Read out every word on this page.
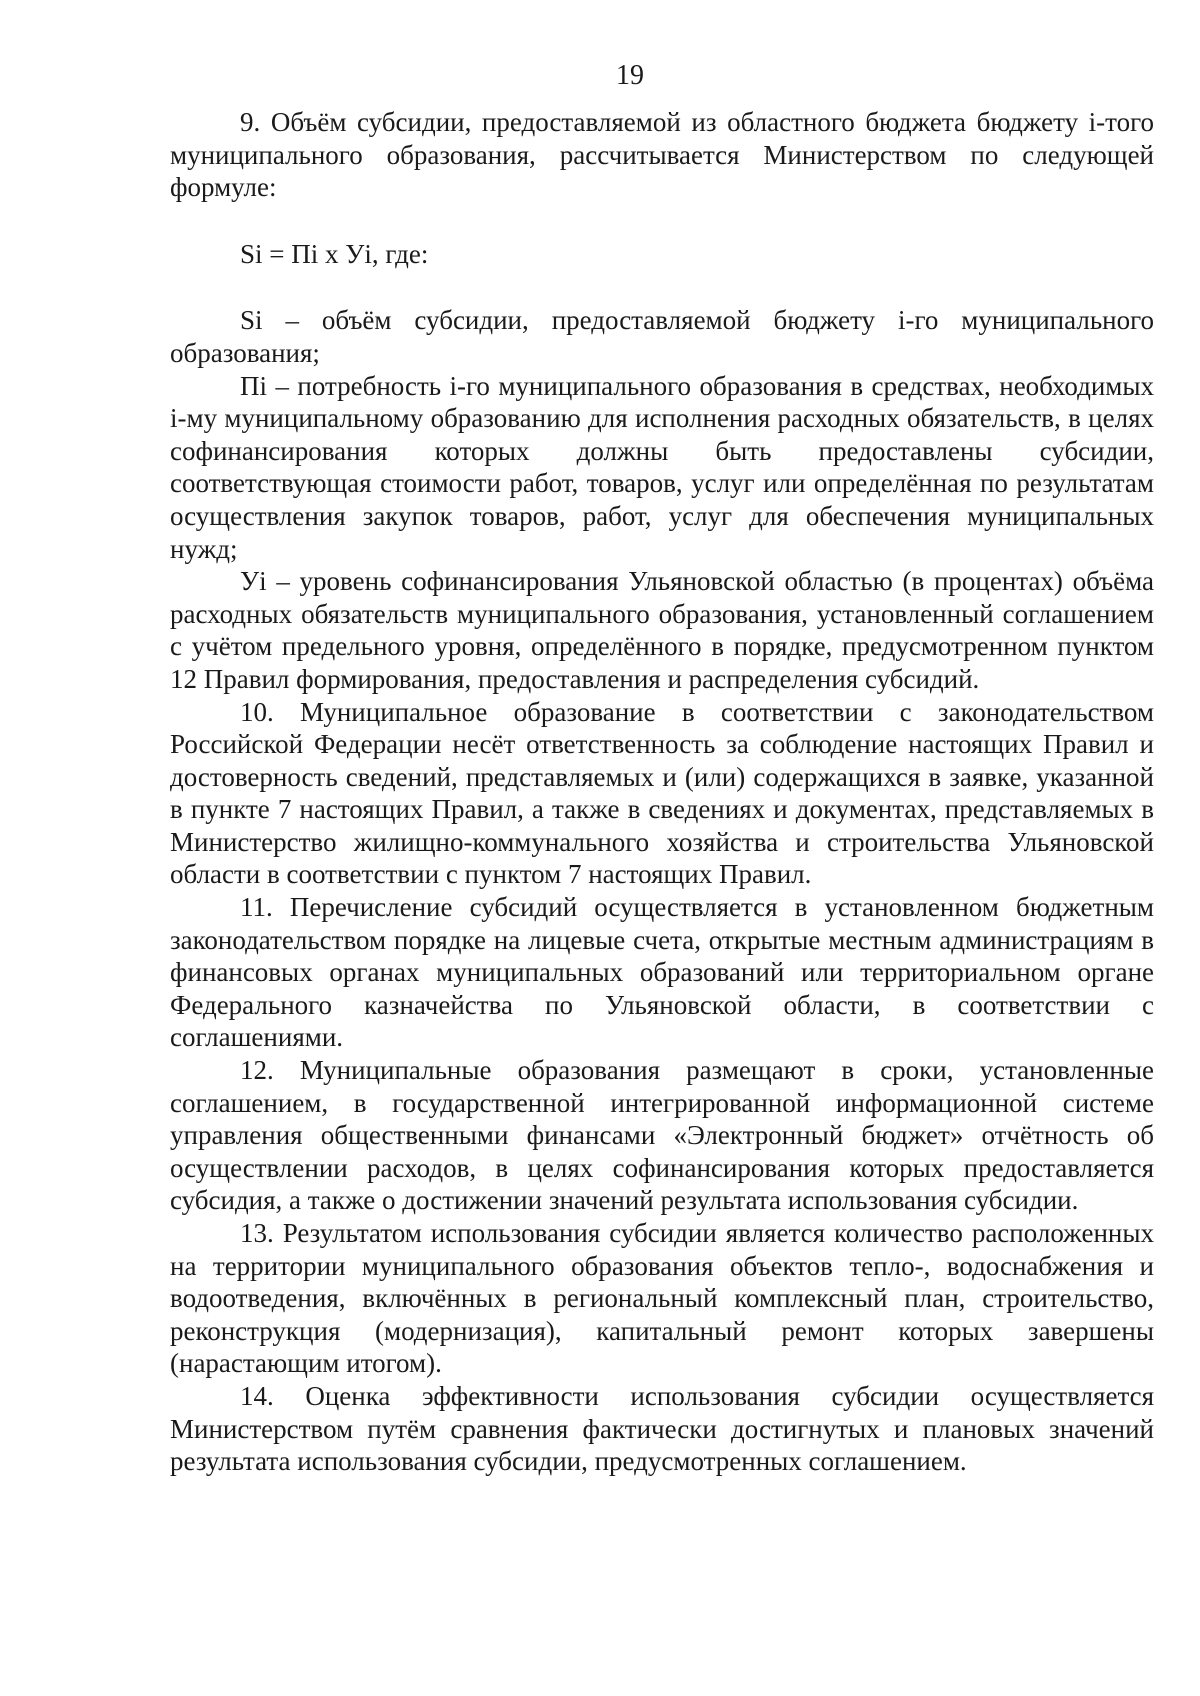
19

9. Объём субсидии, предоставляемой из областного бюджета бюджету i-того муниципального образования, рассчитывается Министерством по следующей формуле:

Si = Пi х Уi, где:

Si – объём субсидии, предоставляемой бюджету i-го муниципального образования;

Пi – потребность i-го муниципального образования в средствах, необходимых i-му муниципальному образованию для исполнения расходных обязательств, в целях софинансирования которых должны быть предоставлены субсидии, соответствующая стоимости работ, товаров, услуг или определённая по результатам осуществления закупок товаров, работ, услуг для обеспечения муниципальных нужд;

Уi – уровень софинансирования Ульяновской областью (в процентах) объёма расходных обязательств муниципального образования, установленный соглашением с учётом предельного уровня, определённого в порядке, предусмотренном пунктом 12 Правил формирования, предоставления и распределения субсидий.

10. Муниципальное образование в соответствии с законодательством Российской Федерации несёт ответственность за соблюдение настоящих Правил и достоверность сведений, представляемых и (или) содержащихся в заявке, указанной в пункте 7 настоящих Правил, а также в сведениях и документах, представляемых в Министерство жилищно-коммунального хозяйства и строительства Ульяновской области в соответствии с пунктом 7 настоящих Правил.

11. Перечисление субсидий осуществляется в установленном бюджетным законодательством порядке на лицевые счета, открытые местным администрациям в финансовых органах муниципальных образований или территориальном органе Федерального казначейства по Ульяновской области, в соответствии с соглашениями.

12. Муниципальные образования размещают в сроки, установленные соглашением, в государственной интегрированной информационной системе управления общественными финансами «Электронный бюджет» отчётность об осуществлении расходов, в целях софинансирования которых предоставляется субсидия, а также о достижении значений результата использования субсидии.

13. Результатом использования субсидии является количество расположенных на территории муниципального образования объектов тепло-, водоснабжения и водоотведения, включённых в региональный комплексный план, строительство, реконструкция (модернизация), капитальный ремонт которых завершены (нарастающим итогом).

14. Оценка эффективности использования субсидии осуществляется Министерством путём сравнения фактически достигнутых и плановых значений результата использования субсидии, предусмотренных соглашением.
